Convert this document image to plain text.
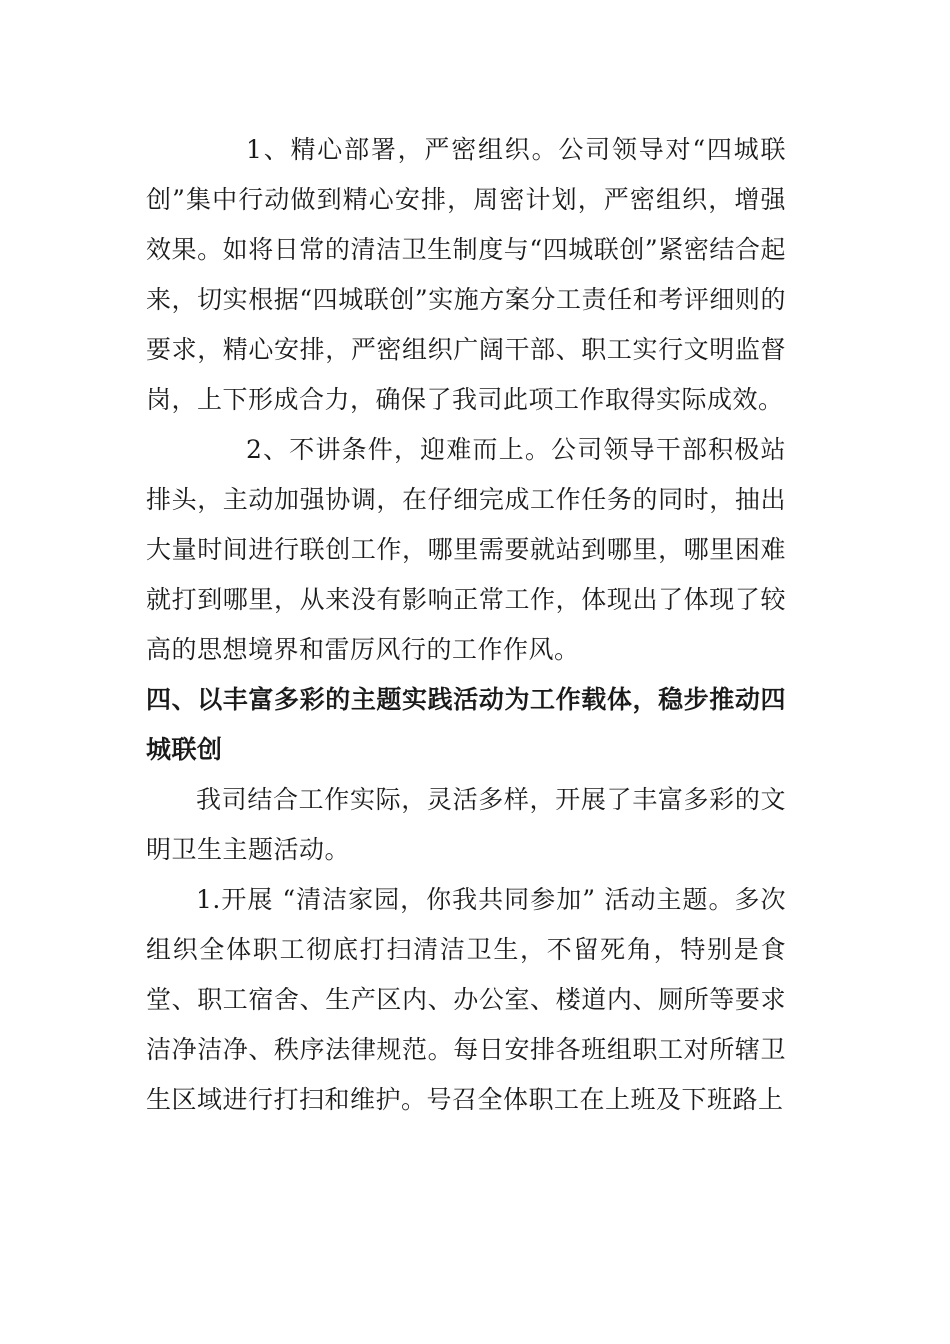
1、精心部署，严密组织。公司领导对“四城联创”集中行动做到精心安排，周密计划，严密组织，增强效果。如将日常的清洁卫生制度与“四城联创”紧密结合起来，切实根据“四城联创”实施方案分工责任和考评细则的要求，精心安排，严密组织广阔干部、职工实行文明监督岗，上下形成合力，确保了我司此项工作取得实际成效。

2、不讲条件，迎难而上。公司领导干部积极站排头，主动加强协调，在仔细完成工作任务的同时，抽出大量时间进行联创工作，哪里需要就站到哪里，哪里困难就打到哪里，从来没有影响正常工作，体现出了体现了较高的思想境界和雷厉风行的工作作风。

四、以丰富多彩的主题实践活动为工作载体，稳步推动四城联创

我司结合工作实际，灵活多样，开展了丰富多彩的文明卫生主题活动。

1.开展 “清洁家园，你我共同参加” 活动主题。多次组织全体职工彻底打扫清洁卫生，不留死角，特别是食堂、职工宿舍、生产区内、办公室、楼道内、厕所等要求洁净洁净、秩序法律规范。每日安排各班组职工对所辖卫生区域进行打扫和维护。号召全体职工在上班及下班路上
